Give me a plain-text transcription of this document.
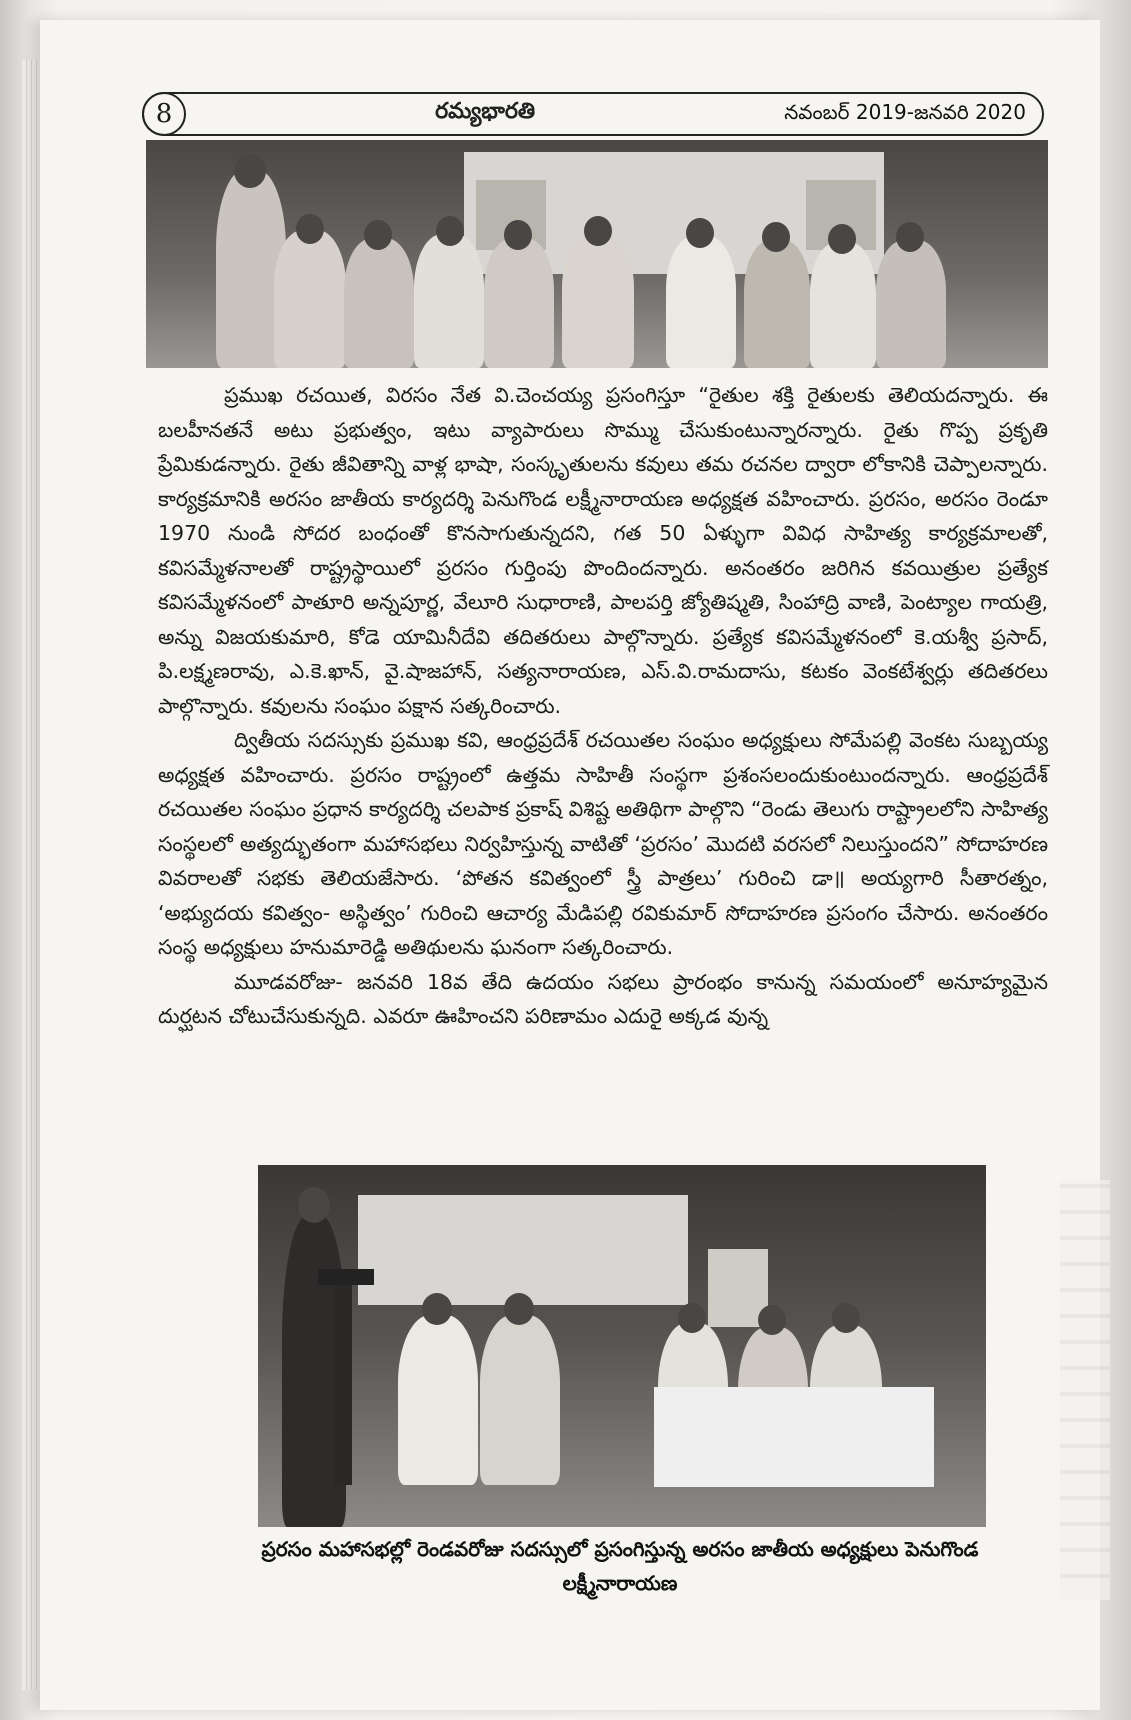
8	రమ్యభారతి	నవంబర్ 2019-జనవరి 2020

ప్రముఖ రచయిత, విరసం నేత వి.చెంచయ్య ప్రసంగిస్తూ “రైతుల శక్తి రైతులకు తెలియదన్నారు. ఈ బలహీనతనే అటు ప్రభుత్వం, ఇటు వ్యాపారులు సొమ్ము చేసుకుంటున్నారన్నారు. రైతు గొప్ప ప్రకృతి ప్రేమికుడన్నారు. రైతు జీవితాన్ని వాళ్ల భాషా, సంస్కృతులను కవులు తమ రచనల ద్వారా లోకానికి చెప్పాలన్నారు. కార్యక్రమానికి అరసం జాతీయ కార్యదర్శి పెనుగొండ లక్ష్మీనారాయణ అధ్యక్షత వహించారు. ప్రరసం, అరసం రెండూ 1970 నుండి సోదర బంధంతో కొనసాగుతున్నదని, గత 50 ఏళ్ళుగా వివిధ సాహిత్య కార్యక్రమాలతో, కవిసమ్మేళనాలతో రాష్ట్రస్థాయిలో ప్రరసం గుర్తింపు పొందిందన్నారు. అనంతరం జరిగిన కవయిత్రుల ప్రత్యేక కవిసమ్మేళనంలో పాతూరి అన్నపూర్ణ, వేలూరి సుధారాణి, పాలపర్తి జ్యోతిష్మతి, సింహాద్రి వాణి, పెంట్యాల గాయత్రి, అన్ను విజయకుమారి, కోడె యామినీదేవి తదితరులు పాల్గొన్నారు. ప్రత్యేక కవిసమ్మేళనంలో కె.యశ్వీ ప్రసాద్, పి.లక్ష్మణరావు, ఎ.కె.ఖాన్, వై.షాజహాన్, సత్యనారాయణ, ఎస్.వి.రామదాసు, కటకం వెంకటేశ్వర్లు తదితరలు పాల్గొన్నారు. కవులను సంఘం పక్షాన సత్కరించారు.

ద్వితీయ సదస్సుకు ప్రముఖ కవి, ఆంధ్రప్రదేశ్ రచయితల సంఘం అధ్యక్షులు సోమేపల్లి వెంకట సుబ్బయ్య అధ్యక్షత వహించారు. ప్రరసం రాష్ట్రంలో ఉత్తమ సాహితీ సంస్థగా ప్రశంసలందుకుంటుందన్నారు. ఆంధ్రప్రదేశ్ రచయితల సంఘం ప్రధాన కార్యదర్శి చలపాక ప్రకాష్ విశిష్ట అతిథిగా పాల్గొని “రెండు తెలుగు రాష్ట్రాలలోని సాహిత్య సంస్థలలో అత్యద్భుతంగా మహాసభలు నిర్వహిస్తున్న వాటితో ‘ప్రరసం’ మొదటి వరసలో నిలుస్తుందని” సోదాహరణ వివరాలతో సభకు తెలియజేసారు. ‘పోతన కవిత్వంలో స్త్రీ పాత్రలు’ గురించి డా॥ అయ్యగారి సీతారత్నం, ‘అభ్యుదయ కవిత్వం- అస్థిత్వం’ గురించి ఆచార్య మేడిపల్లి రవికుమార్ సోదాహరణ ప్రసంగం చేసారు. అనంతరం సంస్థ అధ్యక్షులు హనుమారెడ్డి అతిథులను ఘనంగా సత్కరించారు.

మూడవరోజు- జనవరి 18వ తేది ఉదయం సభలు ప్రారంభం కానున్న సమయంలో అనూహ్యమైన దుర్ఘటన చోటుచేసుకున్నది. ఎవరూ ఊహించని పరిణామం ఎదురై అక్కడ వున్న

ప్రరసం మహాసభల్లో రెండవరోజు సదస్సులో ప్రసంగిస్తున్న అరసం జాతీయ అధ్యక్షులు పెనుగొండ
లక్ష్మీనారాయణ
